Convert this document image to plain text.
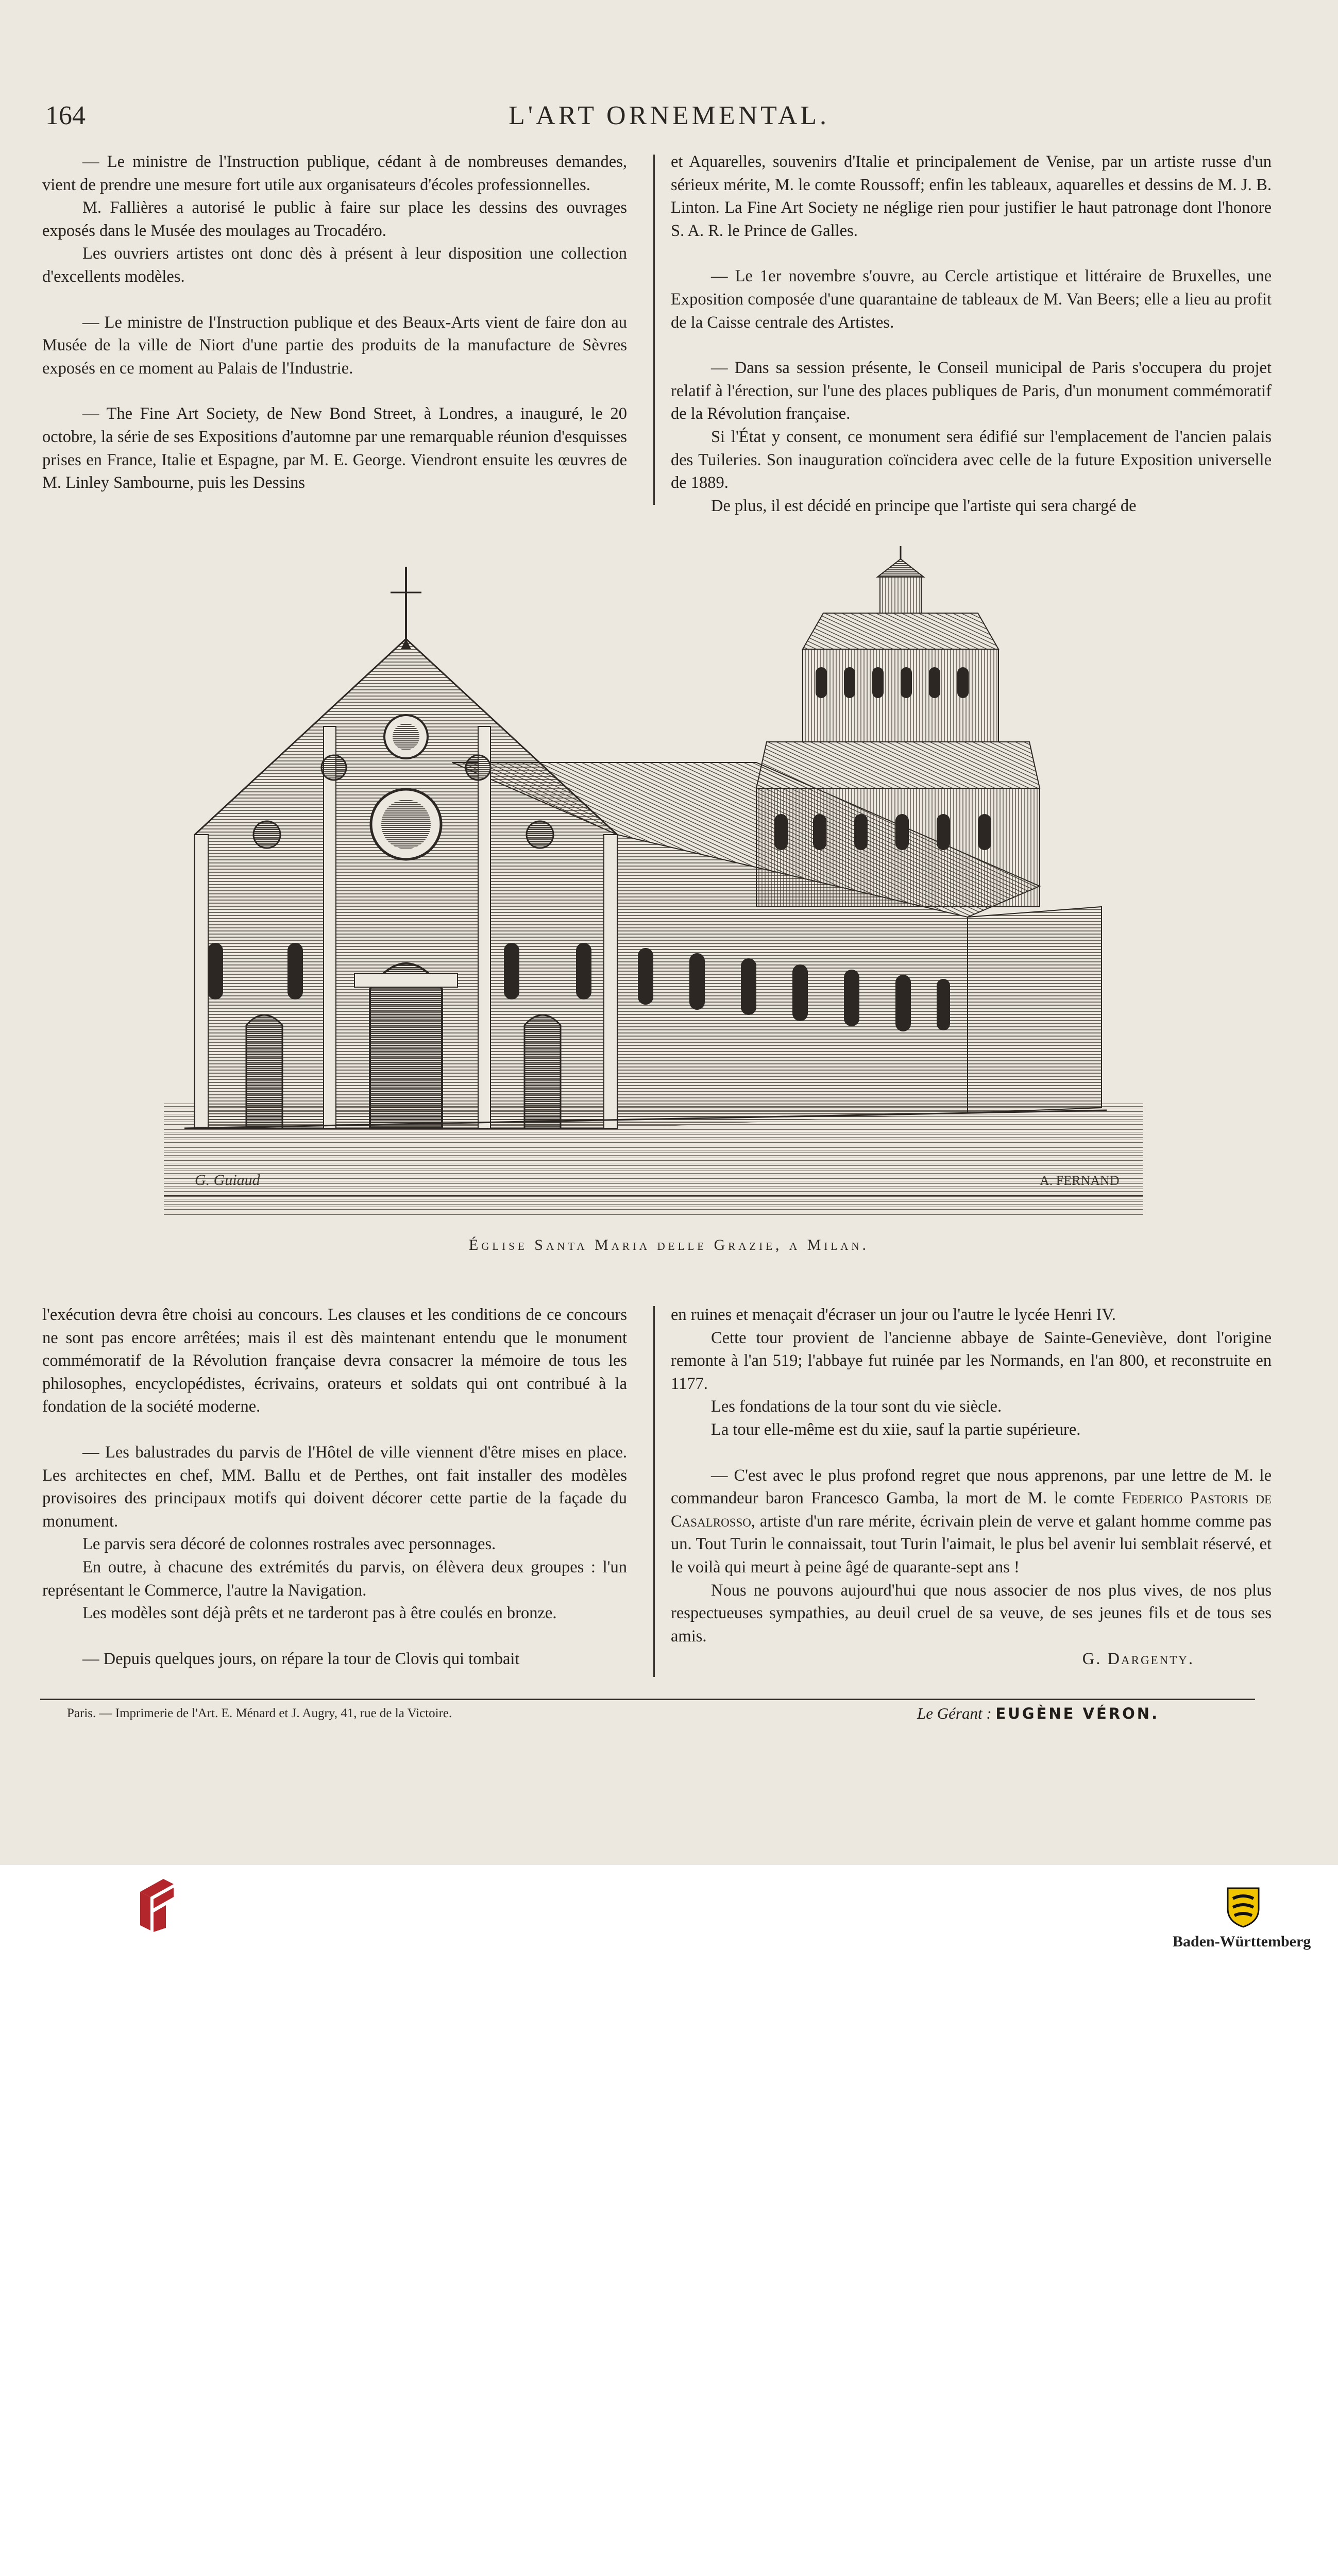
164	L'ART ORNEMENTAL.

— Le ministre de l'Instruction publique, cédant à de nombreuses demandes, vient de prendre une mesure fort utile aux organisateurs d'écoles professionnelles.

M. Fallières a autorisé le public à faire sur place les dessins des ouvrages exposés dans le Musée des moulages au Trocadéro.

Les ouvriers artistes ont donc dès à présent à leur disposition une collection d'excellents modèles.

— Le ministre de l'Instruction publique et des Beaux-Arts vient de faire don au Musée de la ville de Niort d'une partie des produits de la manufacture de Sèvres exposés en ce moment au Palais de l'Industrie.

— The Fine Art Society, de New Bond Street, à Londres, a inauguré, le 20 octobre, la série de ses Expositions d'automne par une remarquable réunion d'esquisses prises en France, Italie et Espagne, par M. E. George. Viendront ensuite les œuvres de M. Linley Sambourne, puis les Dessins

et Aquarelles, souvenirs d'Italie et principalement de Venise, par un artiste russe d'un sérieux mérite, M. le comte Roussoff; enfin les tableaux, aquarelles et dessins de M. J. B. Linton. La Fine Art Society ne néglige rien pour justifier le haut patronage dont l'honore S. A. R. le Prince de Galles.

— Le 1er novembre s'ouvre, au Cercle artistique et littéraire de Bruxelles, une Exposition composée d'une quarantaine de tableaux de M. Van Beers; elle a lieu au profit de la Caisse centrale des Artistes.

— Dans sa session présente, le Conseil municipal de Paris s'occupera du projet relatif à l'érection, sur l'une des places publiques de Paris, d'un monument commémoratif de la Révolution française.

Si l'État y consent, ce monument sera édifié sur l'emplacement de l'ancien palais des Tuileries. Son inauguration coïncidera avec celle de la future Exposition universelle de 1889.

De plus, il est décidé en principe que l'artiste qui sera chargé de

G. Guiaud	A. FERNAND
Église Santa Maria delle Grazie, a Milan.

l'exécution devra être choisi au concours. Les clauses et les conditions de ce concours ne sont pas encore arrêtées; mais il est dès maintenant entendu que le monument commémoratif de la Révolution française devra consacrer la mémoire de tous les philosophes, encyclopédistes, écrivains, orateurs et soldats qui ont contribué à la fondation de la société moderne.

— Les balustrades du parvis de l'Hôtel de ville viennent d'être mises en place. Les architectes en chef, MM. Ballu et de Perthes, ont fait installer des modèles provisoires des principaux motifs qui doivent décorer cette partie de la façade du monument.

Le parvis sera décoré de colonnes rostrales avec personnages.

En outre, à chacune des extrémités du parvis, on élèvera deux groupes : l'un représentant le Commerce, l'autre la Navigation.

Les modèles sont déjà prêts et ne tarderont pas à être coulés en bronze.

— Depuis quelques jours, on répare la tour de Clovis qui tombait

en ruines et menaçait d'écraser un jour ou l'autre le lycée Henri IV.

Cette tour provient de l'ancienne abbaye de Sainte-Geneviève, dont l'origine remonte à l'an 519; l'abbaye fut ruinée par les Normands, en l'an 800, et reconstruite en 1177.

Les fondations de la tour sont du vie siècle.

La tour elle-même est du xiie, sauf la partie supérieure.

— C'est avec le plus profond regret que nous apprenons, par une lettre de M. le commandeur baron Francesco Gamba, la mort de M. le comte Federico Pastoris de Casalrosso, artiste d'un rare mérite, écrivain plein de verve et galant homme comme pas un. Tout Turin le connaissait, tout Turin l'aimait, le plus bel avenir lui semblait réservé, et le voilà qui meurt à peine âgé de quarante-sept ans !

Nous ne pouvons aujourd'hui que nous associer de nos plus vives, de nos plus respectueuses sympathies, au deuil cruel de sa veuve, de ses jeunes fils et de tous ses amis.

G. Dargenty.

Paris. — Imprimerie de l'Art. E. Ménard et J. Augry, 41, rue de la Victoire.	Le Gérant : EUGÈNE VÉRON.
Baden-Württemberg
